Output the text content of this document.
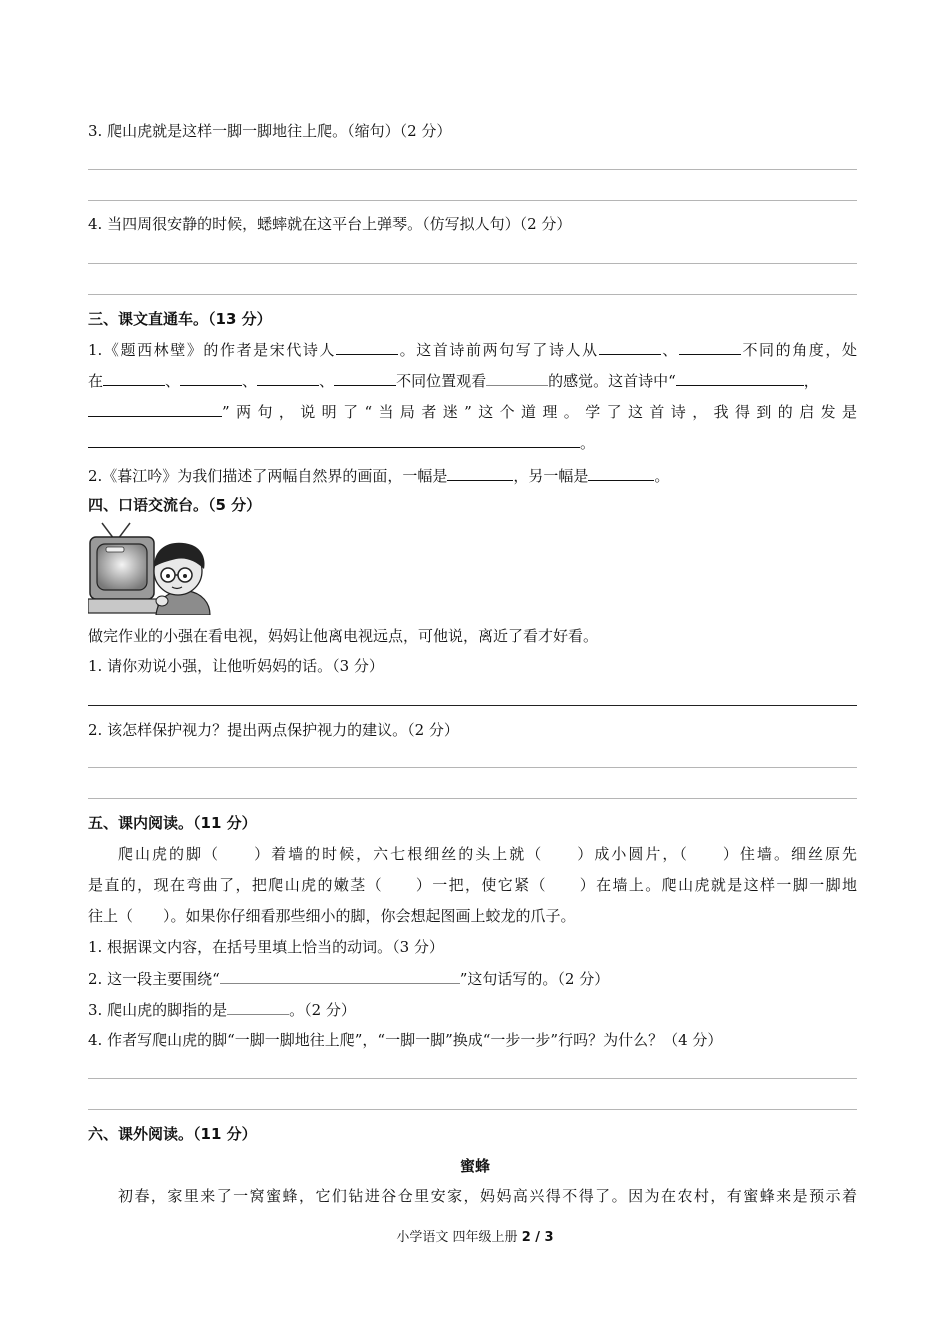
3. 爬山虎就是这样一脚一脚地往上爬。（缩句）（2 分）
4. 当四周很安静的时候，蟋蟀就在这平台上弹琴。（仿写拟人句）（2 分）
三、课文直通车。（13 分）
1.《题西林壁》的作者是宋代诗人	。这首诗前两句写了诗人从	、	不同的角度，处
在	、	、	、	不同位置观看	的感觉。这首诗中“	，
”两句，说明了“当局者迷”这个道理。学了这首诗，我得到的启发是
。
2.《暮江吟》为我们描述了两幅自然界的画面，一幅是	，另一幅是	。
四、口语交流台。（5 分）
做完作业的小强在看电视，妈妈让他离电视远点，可他说，离近了看才好看。
1. 请你劝说小强，让他听妈妈的话。（3 分）
2. 该怎样保护视力？提出两点保护视力的建议。（2 分）
五、课内阅读。（11 分）
爬山虎的脚（　　）着墙的时候，六七根细丝的头上就（　　）成小圆片，（　　）住墙。细丝原先
是直的，现在弯曲了，把爬山虎的嫩茎（　　）一把，使它紧（　　）在墙上。爬山虎就是这样一脚一脚地
往上（　　）。如果你仔细看那些细小的脚，你会想起图画上蛟龙的爪子。
1. 根据课文内容，在括号里填上恰当的动词。（3 分）
2. 这一段主要围绕“	”这句话写的。（2 分）
3. 爬山虎的脚指的是	。（2 分）
4. 作者写爬山虎的脚“一脚一脚地往上爬”，“一脚一脚”换成“一步一步”行吗？为什么？（4 分）
六、课外阅读。（11 分）
蜜蜂
初春，家里来了一窝蜜蜂，它们钻进谷仓里安家，妈妈高兴得不得了。因为在农村，有蜜蜂来是预示着
小学语文 四年级上册 2 / 3
